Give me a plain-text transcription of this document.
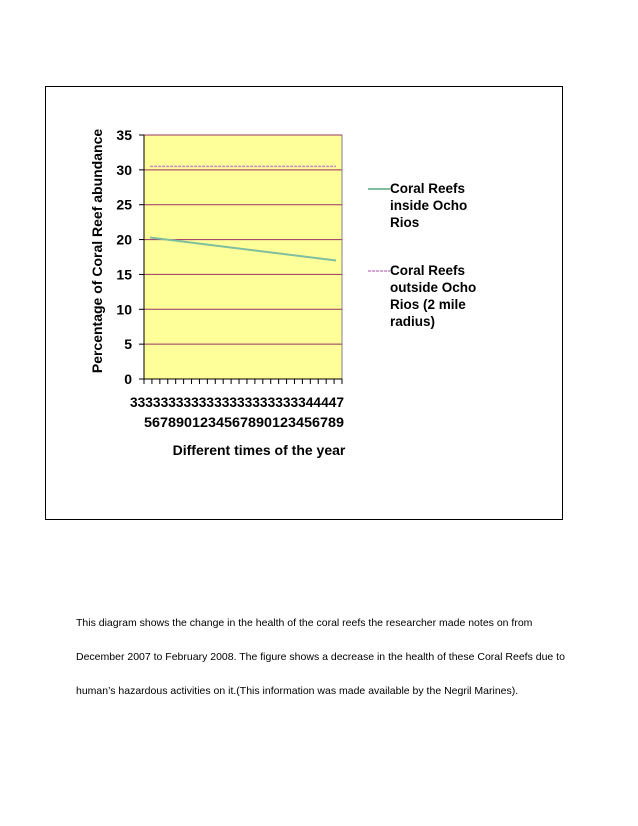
0
5
10
15
20
25
30
35
3333333333333333333333344447
5678901234567890123456789
Different times of the year
Percentage of Coral Reef abundance	Coral Reefs
inside Ocho
Rios
Coral Reefs
outside Ocho
Rios (2 mile
radius)

This diagram shows the change in the health of the coral reefs the researcher made notes on from

December 2007 to February 2008. The figure shows a decrease in the health of these Coral Reefs due to

human’s hazardous activities on it.(This information was made available by the Negril Marines).
